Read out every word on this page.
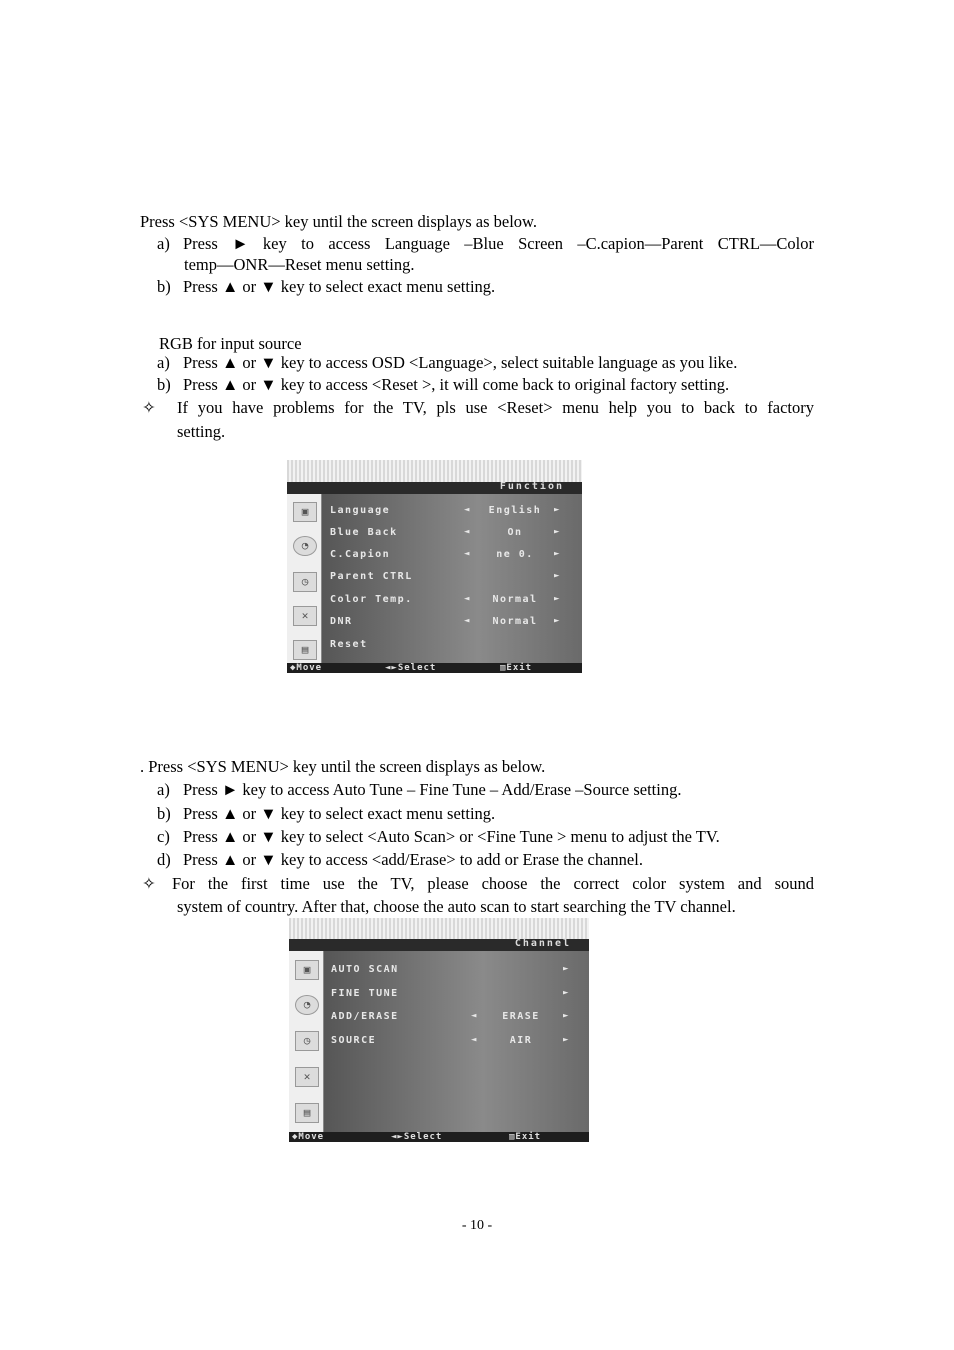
Press <SYS MENU> key until the screen displays as below.
a) Press ► key to access Language –Blue Screen –C.capion—Parent CTRL—Color
temp—ONR—Reset menu setting.
b) Press ▲ or ▼ key to select exact menu setting.
RGB for input source
a) Press ▲ or ▼ key to access OSD <Language>, select suitable language as you like.
b) Press ▲ or ▼ key to access <Reset >, it will come back to original factory setting.
✧ If you have problems for the TV, pls use <Reset> menu help you to back to factory
setting.
Function
▣
◔
◷
✕
▤
Language	◄	English	►
Blue Back	◄	On	►
C.Capion	◄	ne 0.	►
Parent CTRL	►
Color Temp.	◄	Normal	►
DNR	◄	Normal	►
Reset
◆Move	◄►Select	▥Exit
. Press <SYS MENU> key until the screen displays as below.
a) Press ► key to access Auto Tune – Fine Tune – Add/Erase –Source setting.
b) Press ▲ or ▼ key to select exact menu setting.
c) Press ▲ or ▼ key to select <Auto Scan> or <Fine Tune > menu to adjust the TV.
d) Press ▲ or ▼ key to access <add/Erase> to add or Erase the channel.
✧ For the first time use the TV, please choose the correct color system and sound
system of country. After that, choose the auto scan to start searching the TV channel.
Channel
▣
◔
◷
✕
▤
AUTO SCAN	►
FINE TUNE	►
ADD/ERASE	◄	ERASE	►
SOURCE	◄	AIR	►
◆Move	◄►Select	▥Exit
- 10 -
